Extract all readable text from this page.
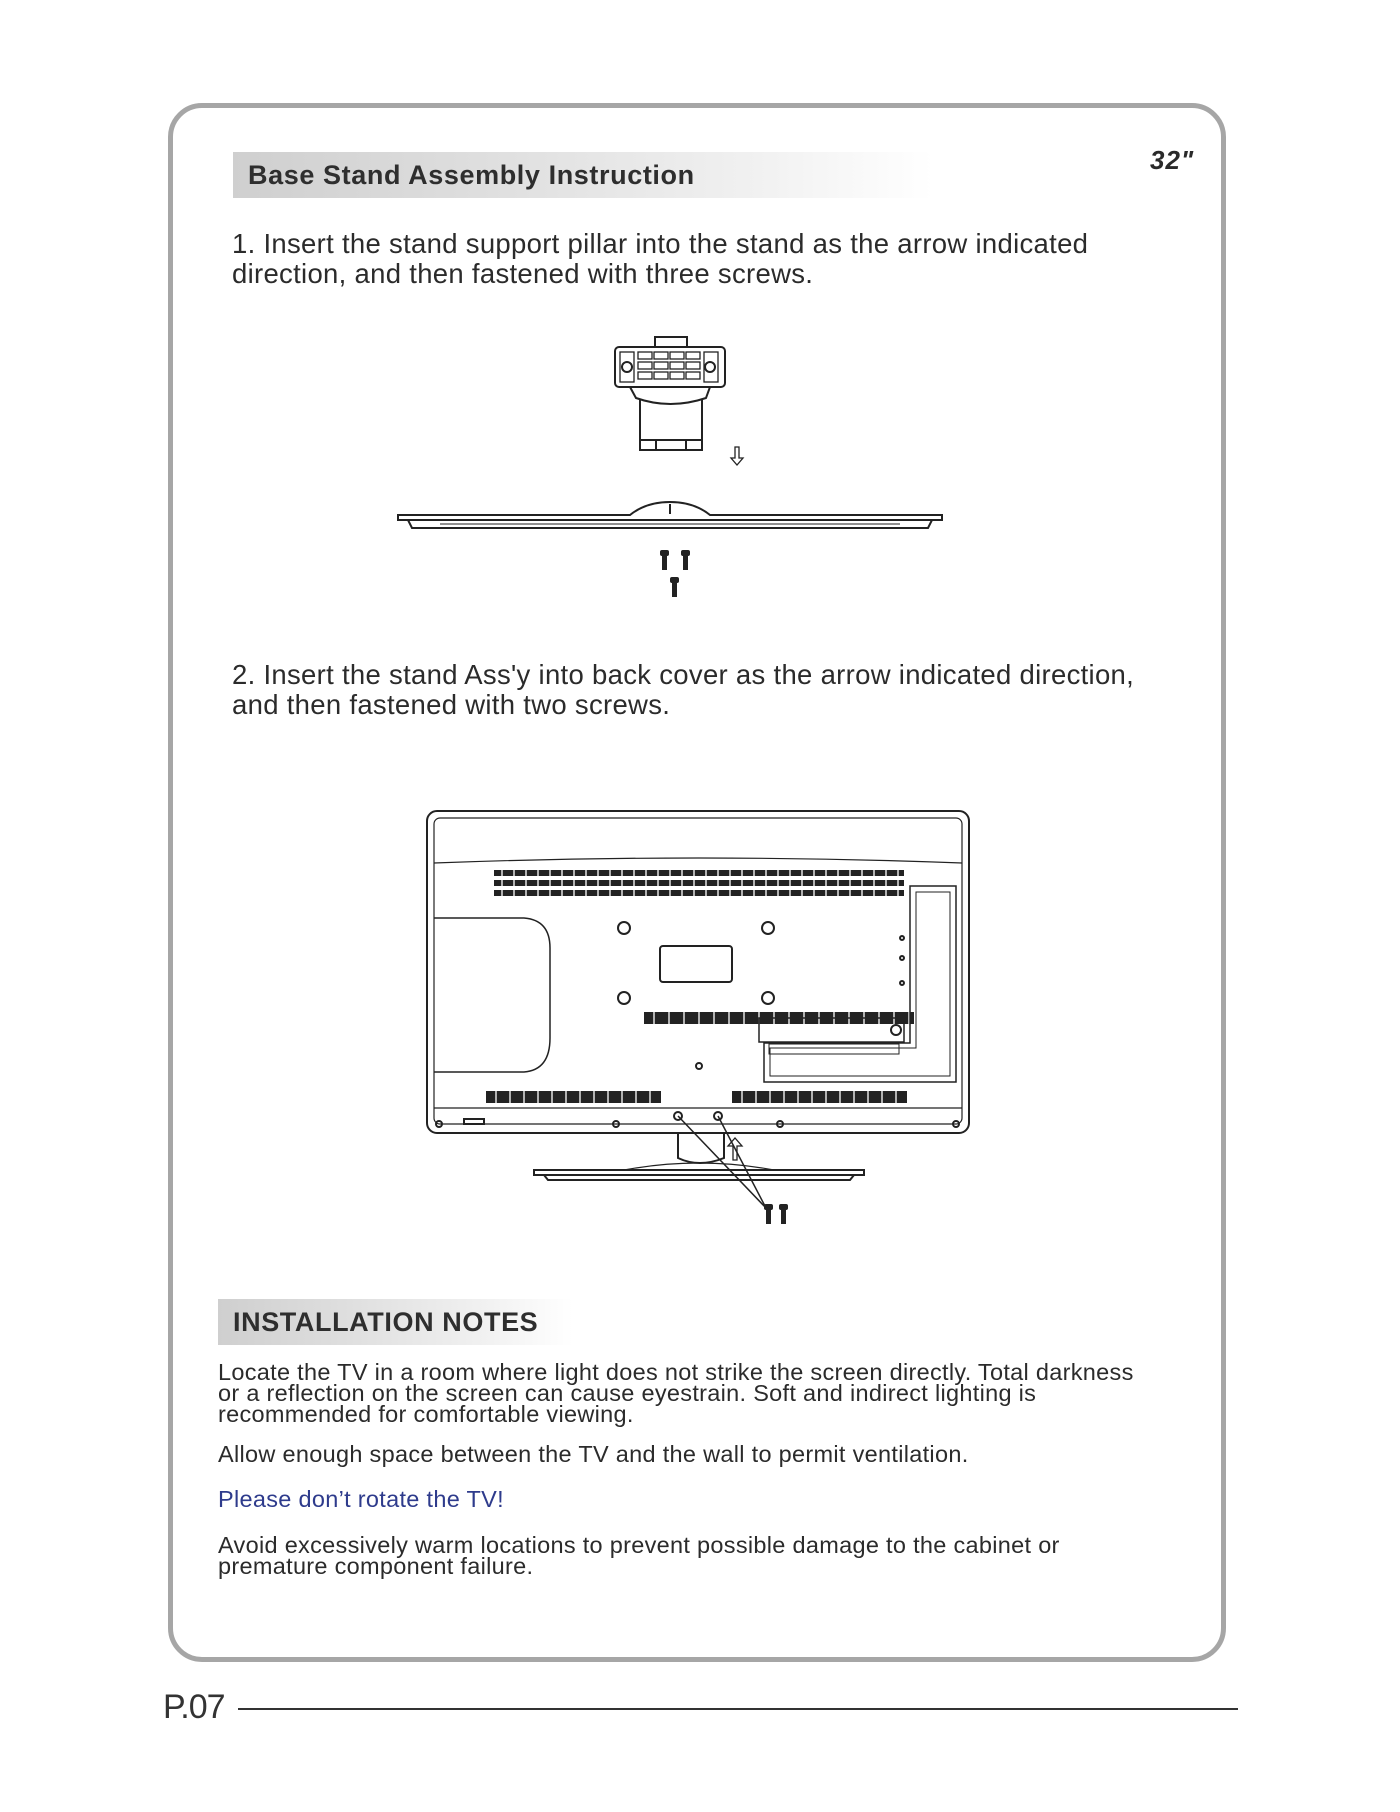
32"
Base Stand Assembly Instruction
1. Insert the stand support pillar into the stand as the arrow indicated
direction, and then fastened with three screws.
2. Insert the stand Ass'y into back cover as the arrow indicated direction,
and then fastened with two screws.
INSTALLATION NOTES
Locate the TV in a room where light does not strike the screen directly. Total darkness
or a reflection on the screen can cause eyestrain. Soft and indirect lighting is
recommended for comfortable viewing.
Allow enough space between the TV and the wall to permit ventilation.
Please don’t rotate the TV!
Avoid excessively warm locations to prevent possible damage to the cabinet or
premature component failure.
P.07
